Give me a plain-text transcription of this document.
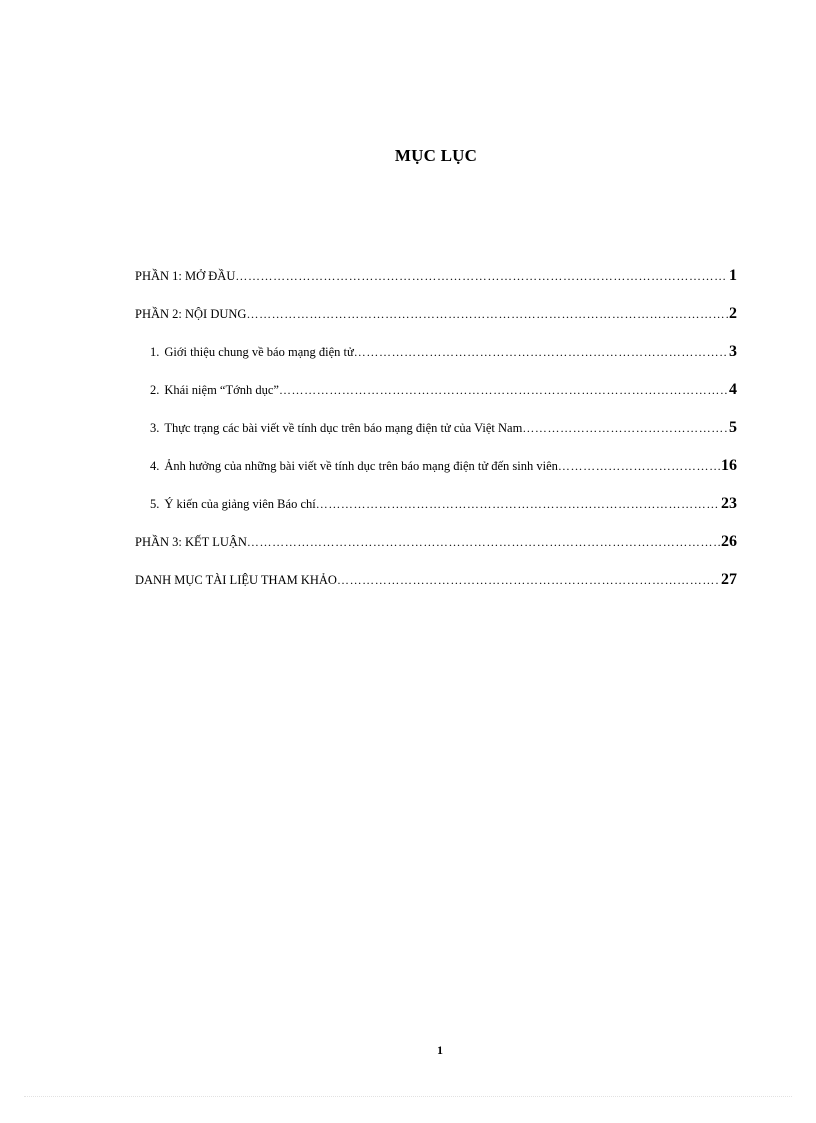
MỤC LỤC
PHẦN 1: MỞ ĐẦU ……………………………………………………………………………………………………………………………………………………………………………………………	1
PHẦN 2: NỘI DUNG ……………………………………………………………………………………………………………………………………………………………………………………………	2
1. Giới thiệu chung về báo mạng điện tử ……………………………………………………………………………………………………………………………………………………………………………………………	3
2. Khái niệm “Tớnh dục” ……………………………………………………………………………………………………………………………………………………………………………………………	4
3. Thực trạng các bài viết về tính dục trên báo mạng điện tử của Việt Nam ……………………………………………………………………………………………………………………………………………………………………………………………	5
4. Ảnh hưởng của những bài viết về tính dục trên báo mạng điện tử đến sinh viên ……………………………………………………………………………………………………………………………………………………………………………………………	16
5. Ý kiến của giảng viên Báo chí ……………………………………………………………………………………………………………………………………………………………………………………………	23
PHẦN 3: KẾT LUẬN ……………………………………………………………………………………………………………………………………………………………………………………………	26
DANH MỤC TÀI LIỆU THAM KHẢO ……………………………………………………………………………………………………………………………………………………………………………………………	27
1
